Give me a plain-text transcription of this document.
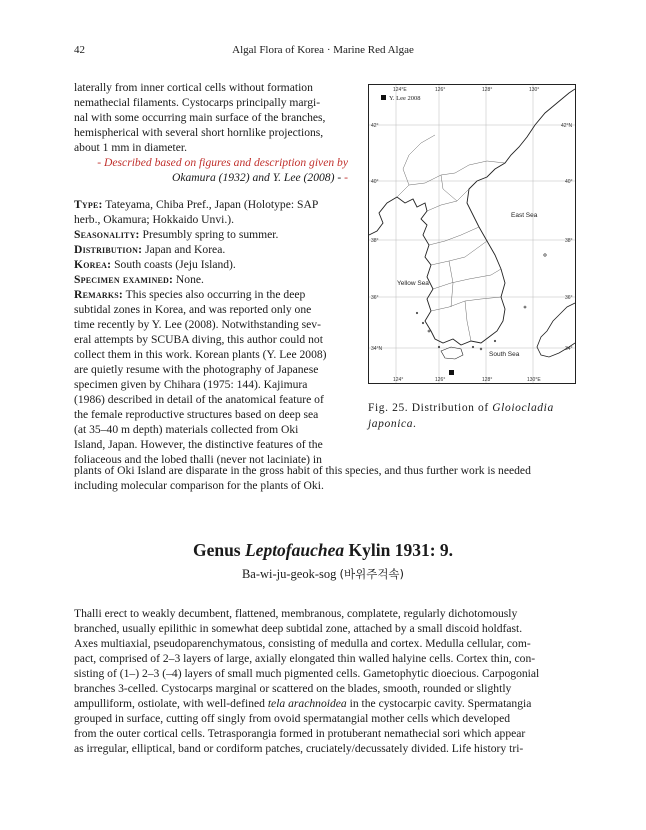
42	Algal Flora of Korea · Marine Red Algae

laterally from inner cortical cells without formation

nemathecial filaments. Cystocarps principally margi-

nal with some occurring main surface of the branches,

hemispherical with several short hornlike projections,

about 1 mm in diameter.

- Described based on figures and description given by

Okamura (1932) and Y. Lee (2008) - -

Type: Tateyama, Chiba Pref., Japan (Holotype: SAP

herb., Okamura; Hokkaido Unvi.).

Seasonality: Presumbly spring to summer.

Distribution: Japan and Korea.

Korea: South coasts (Jeju Island).

Specimen examined: None.

Remarks: This species also occurring in the deep

subtidal zones in Korea, and was reported only one

time recently by Y. Lee (2008). Notwithstanding sev-

eral attempts by SCUBA diving, this author could not

collect them in this work. Korean plants (Y. Lee 2008)

are quietly resume with the photography of Japanese

specimen given by Chihara (1975: 144). Kajimura

(1986) described in detail of the anatomical feature of

the female reproductive structures based on deep sea

(at 35–40 m depth) materials collected from Oki

Island, Japan. However, the distinctive features of the

foliaceous and the lobed thalli (never not laciniate) in

plants of Oki Island are disparate in the gross habit of this species, and thus further work is needed

including molecular comparison for the plants of Oki.

124°E	126°	128°	130°
124°	126°	128°	130°E
42°
40°
38°
36°
34°N
42°N
40°
38°
36°
34°
Y. Lee 2008
East Sea
Yellow Sea
South Sea
Fig. 25. Distribution of Gloiocladia
japonica.
Genus Leptofauchea Kylin 1931: 9.
Ba-wi-ju-geok-sog (바위주걱속)

Thalli erect to weakly decumbent, flattened, membranous, complatete, regularly dichotomously

branched, usually epilithic in somewhat deep subtidal zone, attached by a small discoid holdfast.

Axes multiaxial, pseudoparenchymatous, consisting of medulla and cortex. Medulla cellular, com-

pact, comprised of 2–3 layers of large, axially elongated thin walled halyine cells. Cortex thin, con-

sisting of (1–) 2–3 (–4) layers of small much pigmented cells. Gametophytic dioecious. Carpogonial

branches 3-celled. Cystocarps marginal or scattered on the blades, smooth, rounded or slightly

ampulliform, ostiolate, with well-defined tela arachnoidea in the cystocarpic cavity. Spermatangia

grouped in surface, cutting off singly from ovoid spermatangial mother cells which developed

from the outer cortical cells. Tetrasporangia formed in protuberant nemathecial sori which appear

as irregular, elliptical, band or cordiform patches, cruciately/decussately divided. Life history tri-
